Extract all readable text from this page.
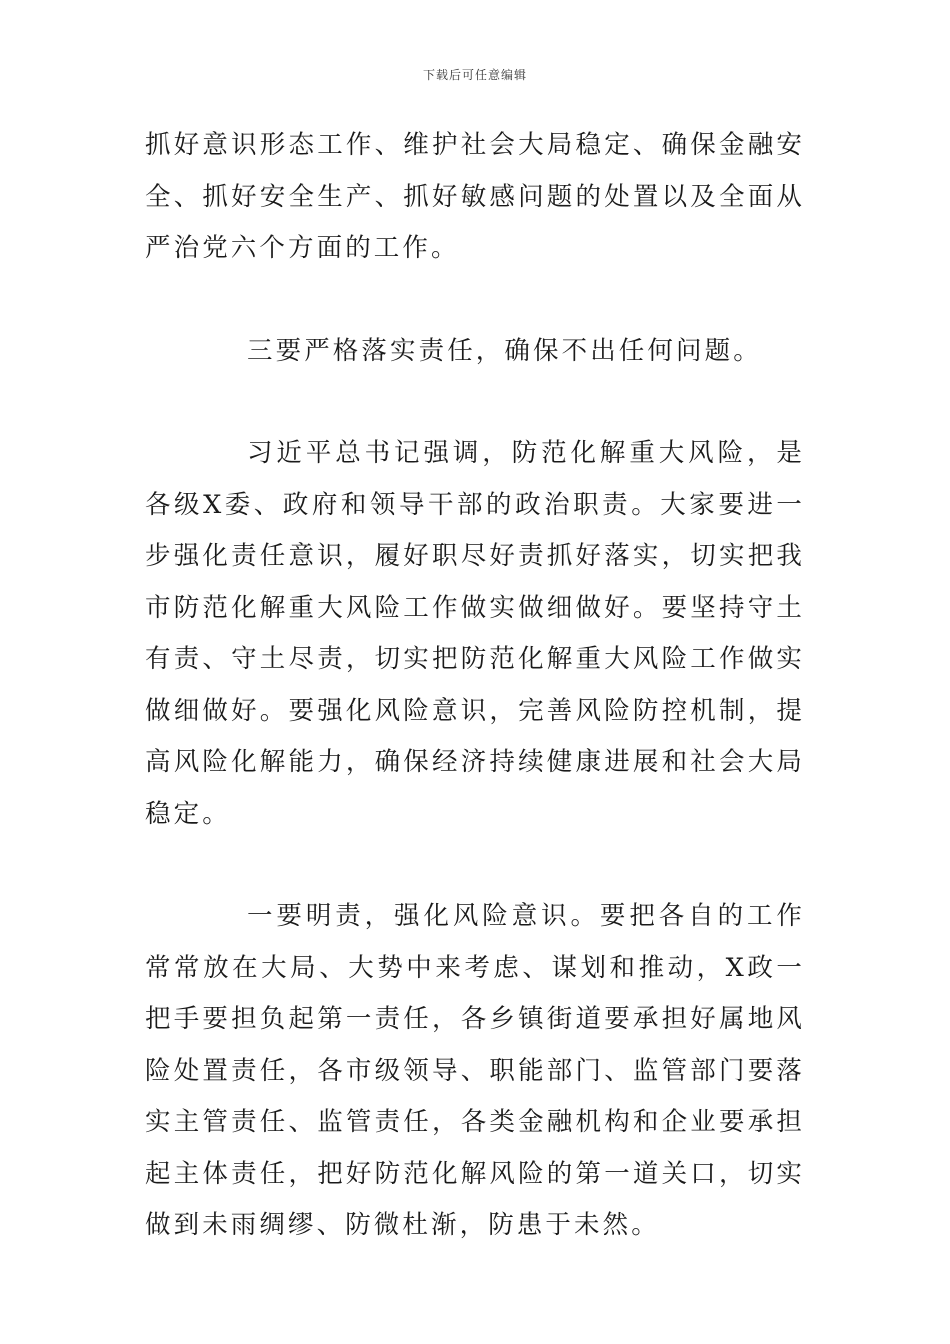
下载后可任意编辑

抓好意识形态工作、维护社会大局稳定、确保金融安全、抓好安全生产、抓好敏感问题的处置以及全面从严治党六个方面的工作。

三要严格落实责任，确保不出任何问题。

习近平总书记强调，防范化解重大风险，是各级X委、政府和领导干部的政治职责。大家要进一步强化责任意识，履好职尽好责抓好落实，切实把我市防范化解重大风险工作做实做细做好。要坚持守土有责、守土尽责，切实把防范化解重大风险工作做实做细做好。要强化风险意识，完善风险防控机制，提高风险化解能力，确保经济持续健康进展和社会大局稳定。

一要明责，强化风险意识。要把各自的工作常常放在大局、大势中来考虑、谋划和推动，X政一把手要担负起第一责任，各乡镇街道要承担好属地风险处置责任，各市级领导、职能部门、监管部门要落实主管责任、监管责任，各类金融机构和企业要承担起主体责任，把好防范化解风险的第一道关口，切实做到未雨绸缪、防微杜渐，防患于未然。
